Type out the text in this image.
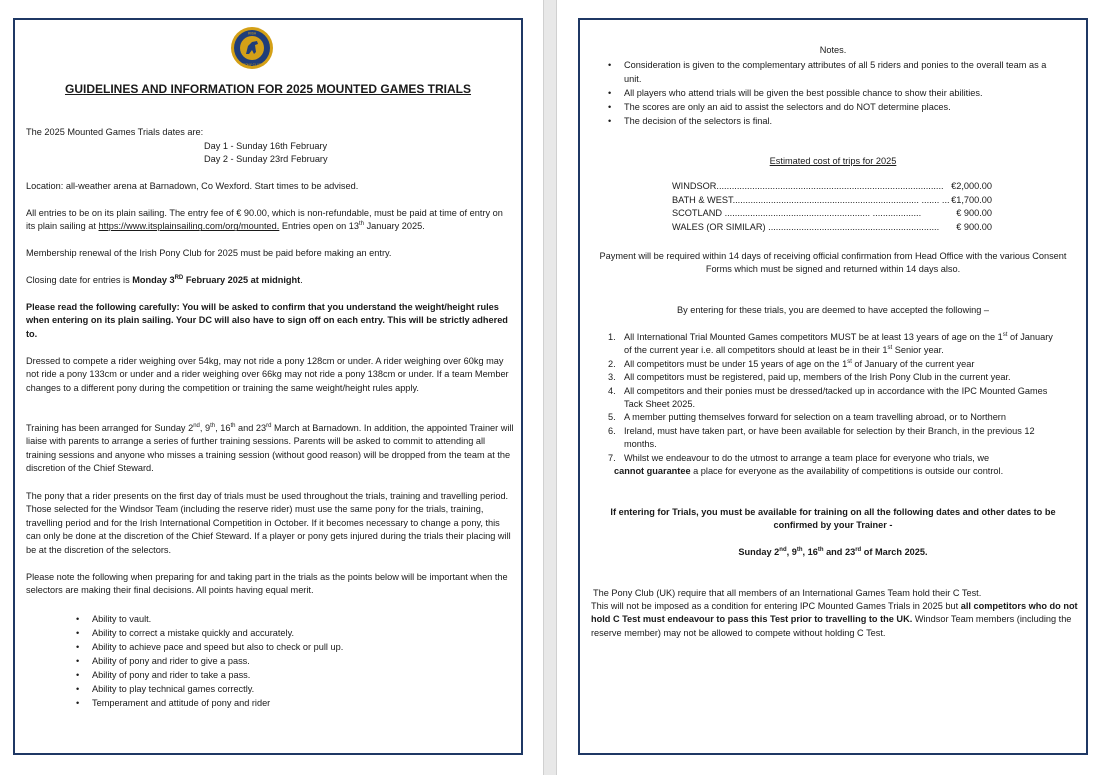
IRISH
PONY CLUB
GUIDELINES AND INFORMATION FOR 2025 MOUNTED GAMES TRIALS

The 2025 Mounted Games Trials dates are:

Day 1 - Sunday 16th February

Day 2 - Sunday 23rd February

Location: all-weather arena at Barnadown, Co Wexford. Start times to be advised.

All entries to be on its plain sailing. The entry fee of € 90.00, which is non-refundable, must be paid at time of entry on its plain sailing at https://www.itsplainsailing.com/org/mounted. Entries open on 13th January 2025.

Membership renewal of the Irish Pony Club for 2025 must be paid before making an entry.

Closing date for entries is Monday 3RD February 2025 at midnight.

Please read the following carefully: You will be asked to confirm that you understand the weight/height rules when entering on its plain sailing. Your DC will also have to sign off on each entry. This will be strictly adhered to.

Dressed to compete a rider weighing over 54kg, may not ride a pony 128cm or under. A rider weighing over 60kg may not ride a pony 133cm or under and a rider weighing over 66kg may not ride a pony 138cm or under. If a team Member changes to a different pony during the competition or training the same weight/height rules apply.

Training has been arranged for Sunday 2nd, 9th, 16th and 23rd March at Barnadown. In addition, the appointed Trainer will liaise with parents to arrange a series of further training sessions. Parents will be asked to commit to attending all training sessions and anyone who misses a training session (without good reason) will be dropped from the team at the discretion of the Chief Steward.

The pony that a rider presents on the first day of trials must be used throughout the trials, training and travelling period. Those selected for the Windsor Team (including the reserve rider) must use the same pony for the trials, training, travelling period and for the Irish International Competition in October. If it becomes necessary to change a pony, this can only be done at the discretion of the Chief Steward. If a player or pony gets injured during the trials their placing will be at the discretion of the selectors.

Please note the following when preparing for and taking part in the trials as the points below will be important when the selectors are making their final decisions. All points having equal merit.

• Ability to vault.
• Ability to correct a mistake quickly and accurately.
• Ability to achieve pace and speed but also to check or pull up.
• Ability of pony and rider to give a pass.
• Ability of pony and rider to take a pass.
• Ability to play technical games correctly.
• Temperament and attitude of pony and rider

Notes.

• Consideration is given to the complementary attributes of all 5 riders and ponies to the overall team as a unit.
• All players who attend trials will be given the best possible chance to show their abilities.
• The scores are only an aid to assist the selectors and do NOT determine places.
• The decision of the selectors is final.

Estimated cost of trips for 2025

WINDSOR......................................................................................... €2,000.00
BATH & WEST......................................................................... ....... ... €1,700.00
SCOTLAND ......................................................... ...................	€ 900.00
WALES (OR SIMILAR) ...................................................................	€ 900.00

Payment will be required within 14 days of receiving official confirmation from Head Office with the various Consent Forms which must be signed and returned within 14 days also.

By entering for these trials, you are deemed to have accepted the following –

1. All International Trial Mounted Games competitors MUST be at least 13 years of age on the 1st of January of the current year i.e. all competitors should at least be in their 1st Senior year.
2. All competitors must be under 15 years of age on the 1st of January of the current year
3. All competitors must be registered, paid up, members of the Irish Pony Club in the current year.
4. All competitors and their ponies must be dressed/tacked up in accordance with the IPC Mounted Games Tack Sheet 2025.
5. A member putting themselves forward for selection on a team travelling abroad, or to Northern
6. Ireland, must have taken part, or have been available for selection by their Branch, in the previous 12 months.
7. Whilst we endeavour to do the utmost to arrange a team place for everyone who trials, we

cannot guarantee a place for everyone as the availability of competitions is outside our control.

If entering for Trials, you must be available for training on all the following dates and other dates to be confirmed by your Trainer -

Sunday 2nd, 9th, 16th and 23rd of March 2025.

The Pony Club (UK) require that all members of an International Games Team hold their C Test.

This will not be imposed as a condition for entering IPC Mounted Games Trials in 2025 but all competitors who do not hold C Test must endeavour to pass this Test prior to travelling to the UK. Windsor Team members (including the reserve member) may not be allowed to compete without holding C Test.
